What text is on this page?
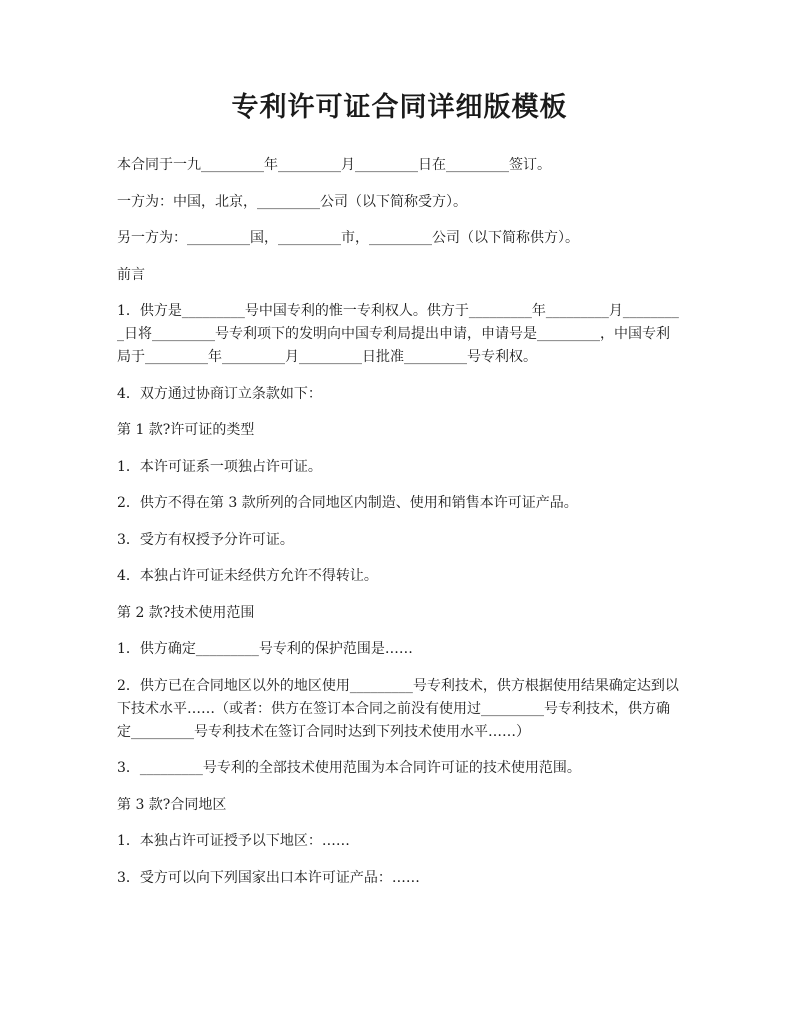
专利许可证合同详细版模板

本合同于一九_________年_________月_________日在_________签订。

一方为：中国，北京，_________公司（以下简称受方）。

另一方为：_________国，_________市，_________公司（以下简称供方）。

前言

1．供方是_________号中国专利的惟一专利权人。供方于_________年_________月_________日将_________号专利项下的发明向中国专利局提出申请，申请号是_________，中国专利局于_________年_________月_________日批准_________号专利权。

4．双方通过协商订立条款如下：

第 1 款?许可证的类型

1．本许可证系一项独占许可证。

2．供方不得在第 3 款所列的合同地区内制造、使用和销售本许可证产品。

3．受方有权授予分许可证。

4．本独占许可证未经供方允许不得转让。

第 2 款?技术使用范围

1．供方确定_________号专利的保护范围是……

2．供方已在合同地区以外的地区使用_________号专利技术，供方根据使用结果确定达到以下技术水平……（或者：供方在签订本合同之前没有使用过_________号专利技术，供方确定_________号专利技术在签订合同时达到下列技术使用水平……）

3．_________号专利的全部技术使用范围为本合同许可证的技术使用范围。

第 3 款?合同地区

1．本独占许可证授予以下地区：……

3．受方可以向下列国家出口本许可证产品：……
